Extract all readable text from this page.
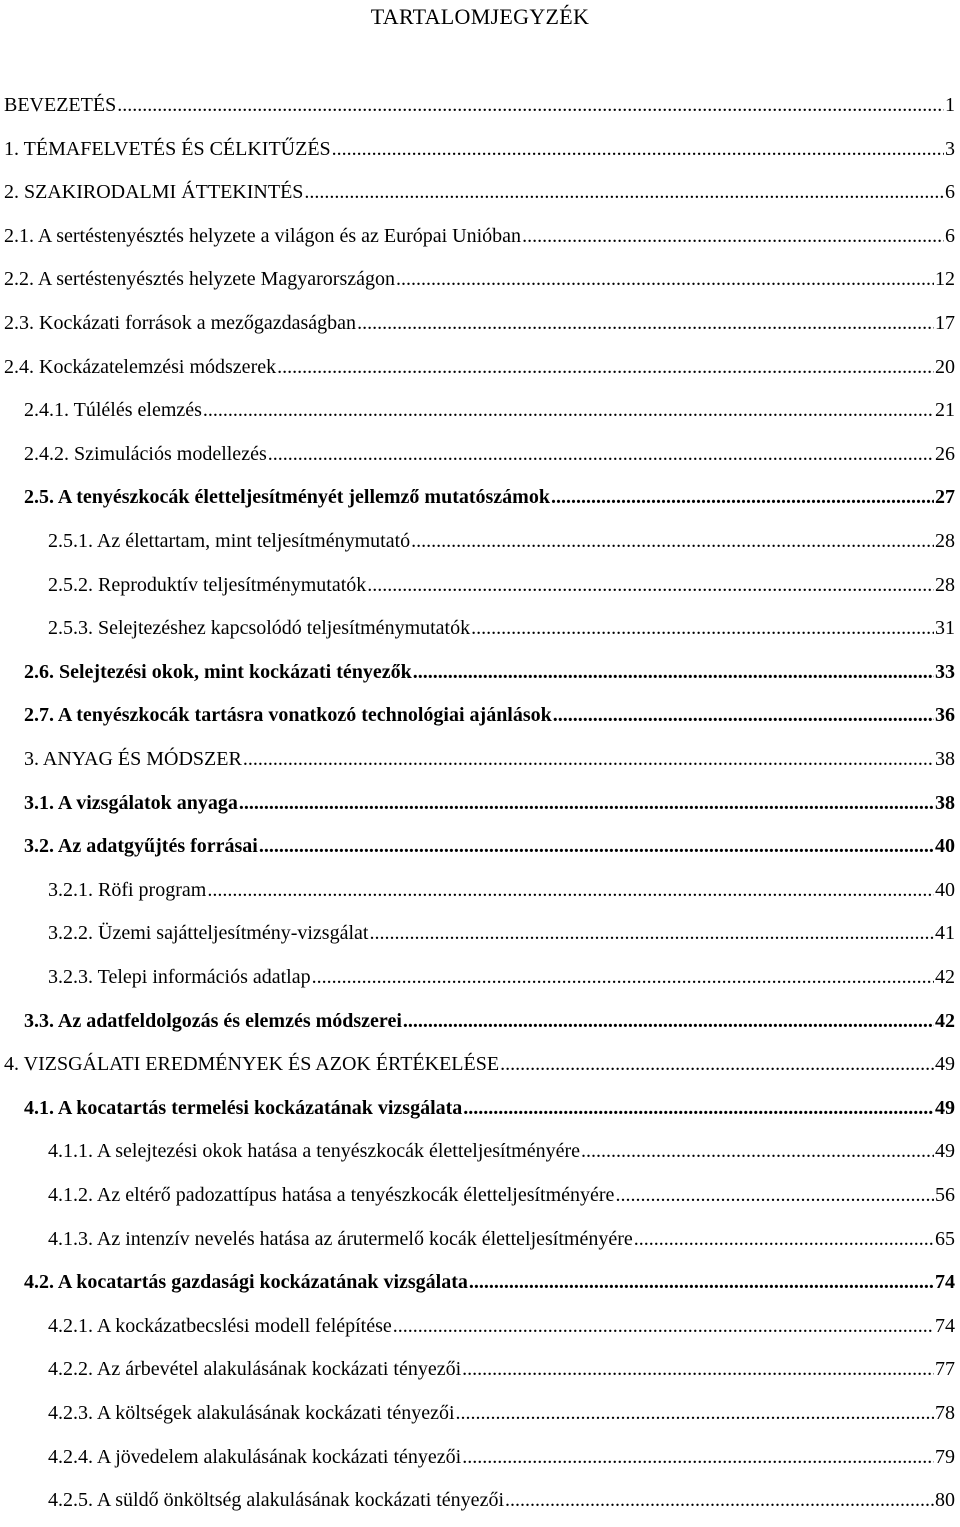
TARTALOMJEGYZÉK
BEVEZETÉS .....	1
1. TÉMAFELVETÉS ÉS CÉLKITŰZÉS .....	3
2. SZAKIRODALMI ÁTTEKINTÉS .....	6
2.1. A sertéstenyésztés helyzete a világon és az Európai Unióban .....	6
2.2. A sertéstenyésztés helyzete Magyarországon .....	12
2.3. Kockázati források a mezőgazdaságban .....	17
2.4. Kockázatelemzési módszerek .....	20
2.4.1. Túlélés elemzés .....	21
2.4.2. Szimulációs modellezés .....	26
2.5. A tenyészkocák életteljesítményét jellemző mutatószámok .....	27
2.5.1. Az élettartam, mint teljesítménymutató .....	28
2.5.2. Reproduktív teljesítménymutatók .....	28
2.5.3. Selejtezéshez kapcsolódó teljesítménymutatók .....	31
2.6. Selejtezési okok, mint kockázati tényezők .....	33
2.7. A tenyészkocák tartásra vonatkozó technológiai ajánlások .....	36
3. ANYAG ÉS MÓDSZER .....	38
3.1. A vizsgálatok anyaga .....	38
3.2. Az adatgyűjtés forrásai .....	40
3.2.1. Röfi program .....	40
3.2.2. Üzemi sajátteljesítmény-vizsgálat .....	41
3.2.3. Telepi információs adatlap .....	42
3.3. Az adatfeldolgozás és elemzés módszerei .....	42
4. VIZSGÁLATI EREDMÉNYEK ÉS AZOK ÉRTÉKELÉSE .....	49
4.1. A kocatartás termelési kockázatának vizsgálata .....	49
4.1.1. A selejtezési okok hatása a tenyészkocák életteljesítményére .....	49
4.1.2. Az eltérő padozattípus hatása a tenyészkocák életteljesítményére .....	56
4.1.3. Az intenzív nevelés hatása az árutermelő kocák életteljesítményére .....	65
4.2. A kocatartás gazdasági kockázatának vizsgálata .....	74
4.2.1. A kockázatbecslési modell felépítése .....	74
4.2.2. Az árbevétel alakulásának kockázati tényezői .....	77
4.2.3. A költségek alakulásának kockázati tényezői .....	78
4.2.4. A jövedelem alakulásának kockázati tényezői .....	79
4.2.5. A süldő önköltség alakulásának kockázati tényezői .....	80
